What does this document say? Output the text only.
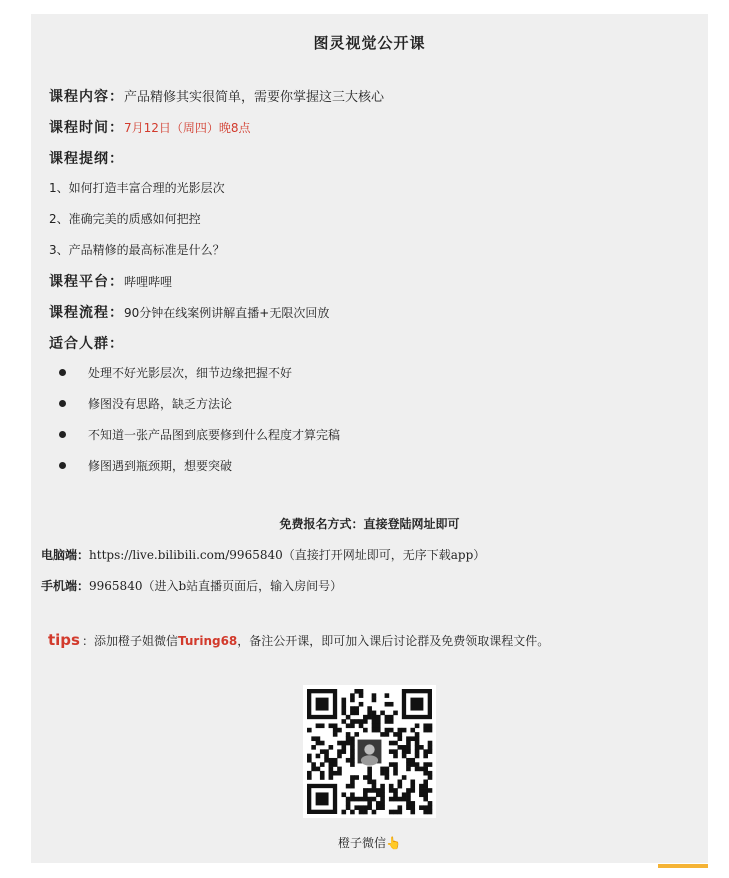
图灵视觉公开课
课程内容：产品精修其实很简单，需要你掌握这三大核心
课程时间：7月12日（周四）晚8点
课程提纲：
1、如何打造丰富合理的光影层次
2、准确完美的质感如何把控
3、产品精修的最高标准是什么？
课程平台：哔哩哔哩
课程流程：90分钟在线案例讲解直播+无限次回放
适合人群：
处理不好光影层次，细节边缘把握不好
修图没有思路，缺乏方法论
不知道一张产品图到底要修到什么程度才算完稿
修图遇到瓶颈期，想要突破
免费报名方式：直接登陆网址即可
电脑端：https://live.bilibili.com/9965840（直接打开网址即可，无序下载app）
手机端：9965840（进入b站直播页面后，输入房间号）
tips ：添加橙子姐微信Turing68，备注公开课，即可加入课后讨论群及免费领取课程文件。
橙子微信👆
